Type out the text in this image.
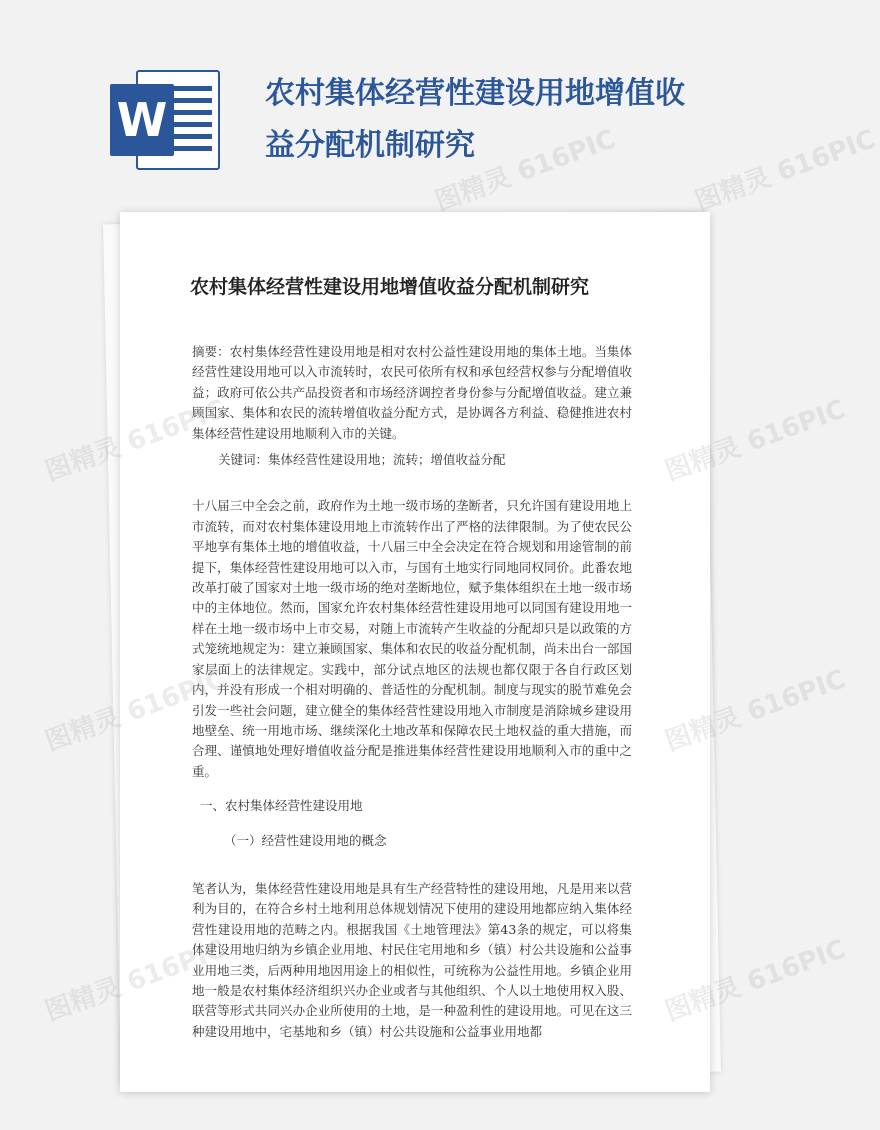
W	农村集体经营性建设用地增值收益分配机制研究
农村集体经营性建设用地增值收益分配机制研究

摘要：农村集体经营性建设用地是相对农村公益性建设用地的集体土地。当集体经营性建设用地可以入市流转时，农民可依所有权和承包经营权参与分配增值收益；政府可依公共产品投资者和市场经济调控者身份参与分配增值收益。建立兼顾国家、集体和农民的流转增值收益分配方式，是协调各方利益、稳健推进农村集体经营性建设用地顺利入市的关键。

关键词：集体经营性建设用地；流转；增值收益分配

十八届三中全会之前，政府作为土地一级市场的垄断者，只允许国有建设用地上市流转，而对农村集体建设用地上市流转作出了严格的法律限制。为了使农民公平地享有集体土地的增值收益，十八届三中全会决定在符合规划和用途管制的前提下，集体经营性建设用地可以入市，与国有土地实行同地同权同价。此番农地改革打破了国家对土地一级市场的绝对垄断地位，赋予集体组织在土地一级市场中的主体地位。然而，国家允许农村集体经营性建设用地可以同国有建设用地一样在土地一级市场中上市交易，对随上市流转产生收益的分配却只是以政策的方式笼统地规定为：建立兼顾国家、集体和农民的收益分配机制，尚未出台一部国家层面上的法律规定。实践中，部分试点地区的法规也都仅限于各自行政区划内，并没有形成一个相对明确的、普适性的分配机制。制度与现实的脱节难免会引发一些社会问题，建立健全的集体经营性建设用地入市制度是消除城乡建设用地壁垒、统一用地市场、继续深化土地改革和保障农民土地权益的重大措施，而合理、谨慎地处理好增值收益分配是推进集体经营性建设用地顺利入市的重中之重。

一、农村集体经营性建设用地

（一）经营性建设用地的概念

笔者认为，集体经营性建设用地是具有生产经营特性的建设用地，凡是用来以营利为目的，在符合乡村土地利用总体规划情况下使用的建设用地都应纳入集体经营性建设用地的范畴之内。根据我国《土地管理法》第43条的规定，可以将集体建设用地归纳为乡镇企业用地、村民住宅用地和乡（镇）村公共设施和公益事业用地三类，后两种用地因用途上的相似性，可统称为公益性用地。乡镇企业用地一般是农村集体经济组织兴办企业或者与其他组织、个人以土地使用权入股、联营等形式共同兴办企业所使用的土地，是一种盈利性的建设用地。可见在这三种建设用地中，宅基地和乡（镇）村公共设施和公益事业用地都

图精灵 616PIC	图精灵 616PIC
图精灵	图精灵 616PIC
图精灵	图精灵 616PIC
图精灵	图精灵 616PIC
